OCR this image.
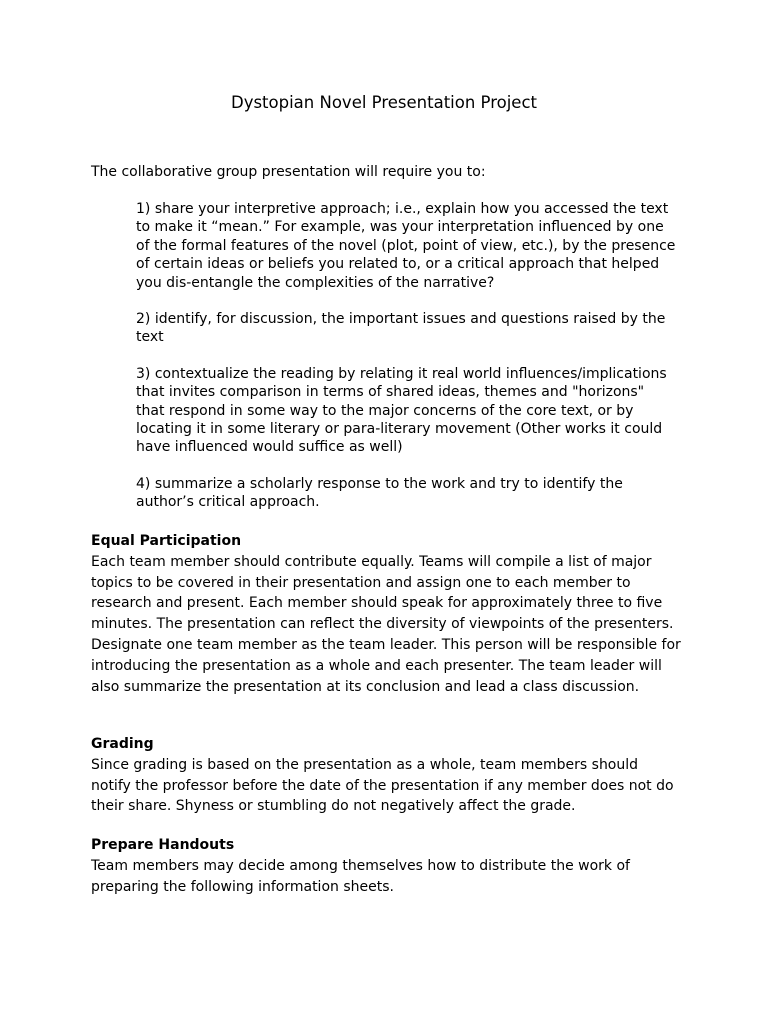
Dystopian Novel Presentation Project

The collaborative group presentation will require you to:

1) share your interpretive approach; i.e., explain how you accessed the text to make it “mean.” For example, was your interpretation influenced by one of the formal features of the novel (plot, point of view, etc.), by the presence of certain ideas or beliefs you related to, or a critical approach that helped you dis-entangle the complexities of the narrative?
2) identify, for discussion, the important issues and questions raised by the text
3) contextualize the reading by relating it real world influences/implications that invites comparison in terms of shared ideas, themes and "horizons" that respond in some way to the major concerns of the core text, or by locating it in some literary or para-literary movement (Other works it could have influenced would suffice as well)
4) summarize a scholarly response to the work and try to identify the author’s critical approach.
Equal Participation

Each team member should contribute equally. Teams will compile a list of major topics to be covered in their presentation and assign one to each member to research and present. Each member should speak for approximately three to five minutes. The presentation can reflect the diversity of viewpoints of the presenters. Designate one team member as the team leader. This person will be responsible for introducing the presentation as a whole and each presenter. The team leader will also summarize the presentation at its conclusion and lead a class discussion.

Grading

Since grading is based on the presentation as a whole, team members should notify the professor before the date of the presentation if any member does not do their share. Shyness or stumbling do not negatively affect the grade.

Prepare Handouts

Team members may decide among themselves how to distribute the work of preparing the following information sheets.
